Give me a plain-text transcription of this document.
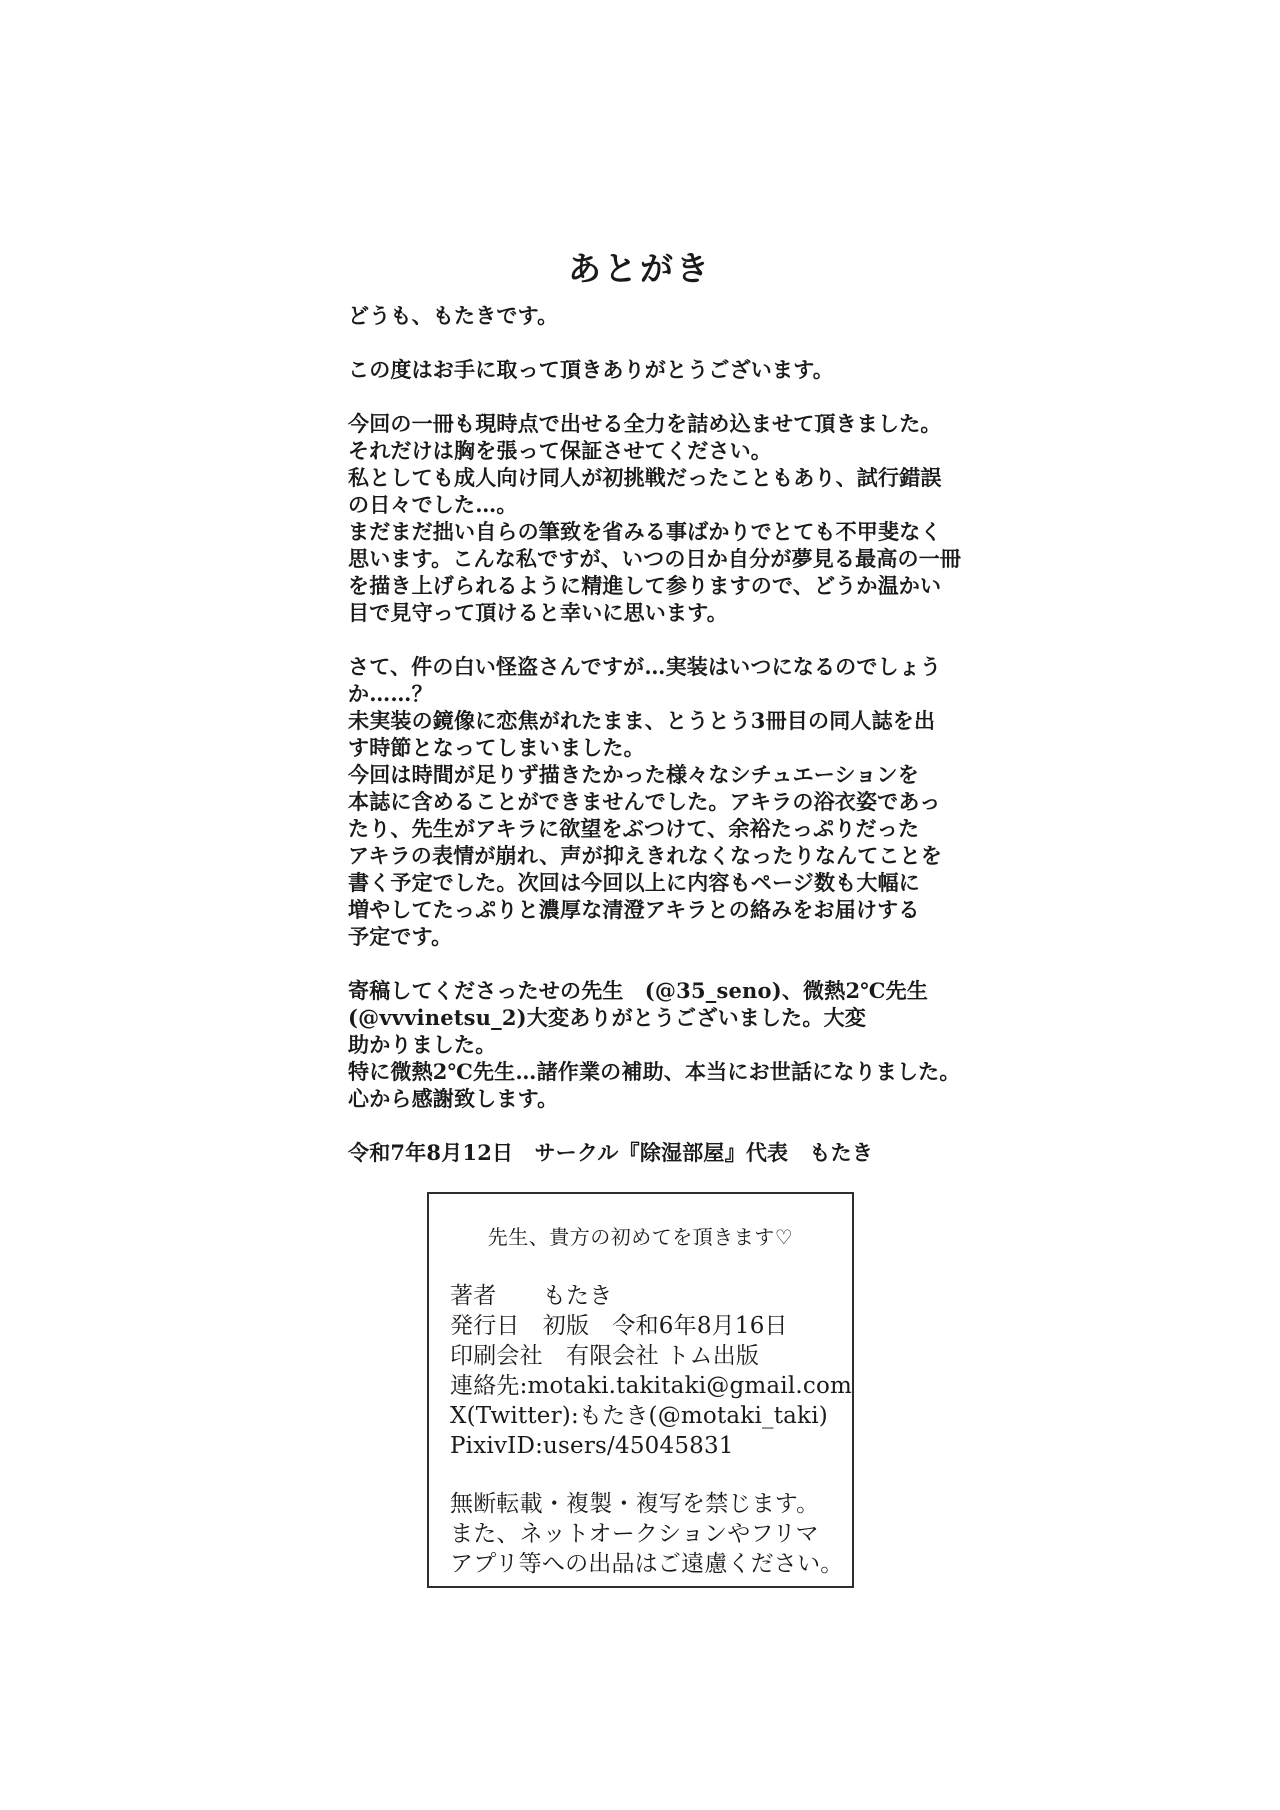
あとがき
どうも、もたきです。
この度はお手に取って頂きありがとうございます。
今回の一冊も現時点で出せる全力を詰め込ませて頂きました。
それだけは胸を張って保証させてください。
私としても成人向け同人が初挑戦だったこともあり、試行錯誤
の日々でした…。
まだまだ拙い自らの筆致を省みる事ばかりでとても不甲斐なく
思います。こんな私ですが、いつの日か自分が夢見る最高の一冊
を描き上げられるように精進して参りますので、どうか温かい
目で見守って頂けると幸いに思います。
さて、件の白い怪盗さんですが…実装はいつになるのでしょう
か……？
未実装の鏡像に恋焦がれたまま、とうとう3冊目の同人誌を出
す時節となってしまいました。
今回は時間が足りず描きたかった様々なシチュエーションを
本誌に含めることができませんでした。アキラの浴衣姿であっ
たり、先生がアキラに欲望をぶつけて、余裕たっぷりだった
アキラの表情が崩れ、声が抑えきれなくなったりなんてことを
書く予定でした。次回は今回以上に内容もページ数も大幅に
増やしてたっぷりと濃厚な清澄アキラとの絡みをお届けする
予定です。
寄稿してくださったせの先生　(@35_seno)、微熱2℃先生
(@vvvinetsu_2)大変ありがとうございました。大変
助かりました。
特に微熱2℃先生…諸作業の補助、本当にお世話になりました。
心から感謝致します。
令和7年8月12日　サークル『除湿部屋』代表　もたき
先生、貴方の初めてを頂きます♡
著者　　もたき
発行日　初版　令和6年8月16日
印刷会社　有限会社 トム出版
連絡先:motaki.takitaki@gmail.com
X(Twitter):もたき(@motaki_taki)
PixivID:users/45045831
無断転載・複製・複写を禁じます。
また、ネットオークションやフリマ
アプリ等への出品はご遠慮ください。
